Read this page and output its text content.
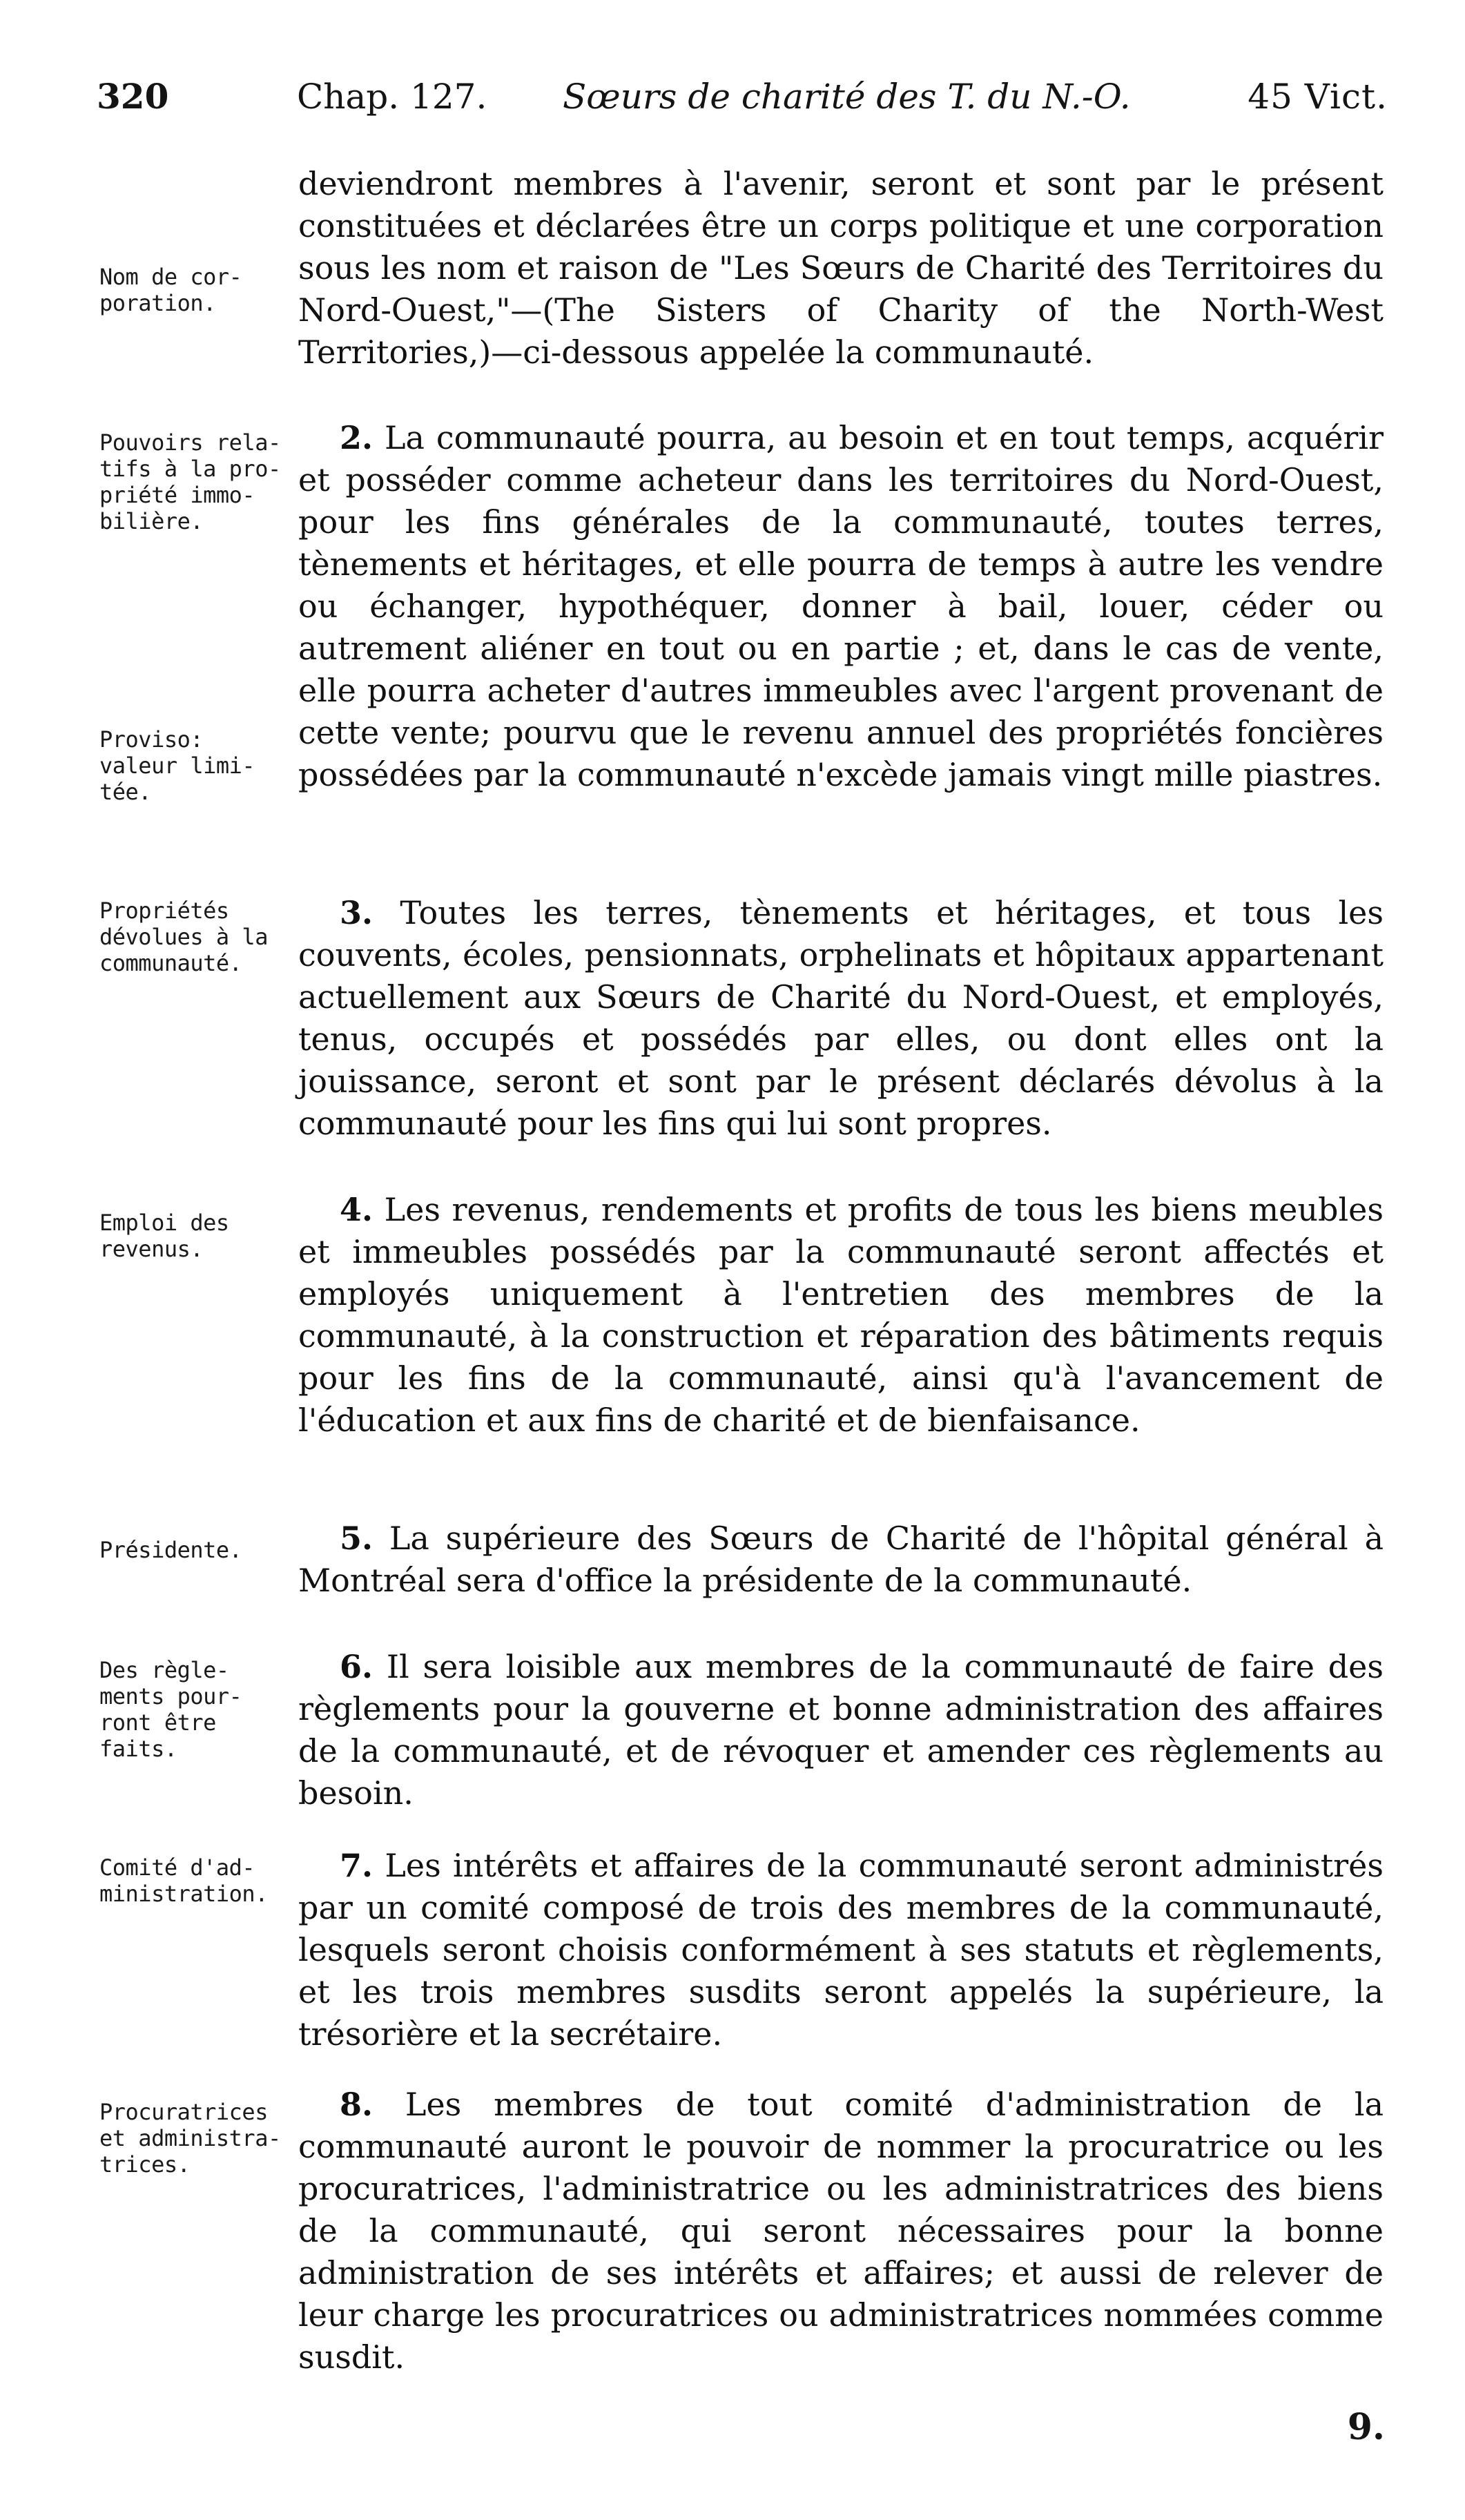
320	Chap. 127. Sœurs de charité des T. du N.-O.	45 Vict.
Nom de cor-
poration.
deviendront membres à l'avenir, seront et sont par le présent constituées et déclarées être un corps politique et une corporation sous les nom et raison de "Les Sœurs de Charité des Territoires du Nord-Ouest,"—(The Sisters of Charity of the North-West Territories,)—ci-dessous appelée la communauté.
Pouvoirs rela-
tifs à la pro-
priété immo-
bilière.
Proviso:
valeur limi-
tée.
2. La communauté pourra, au besoin et en tout temps, acquérir et posséder comme acheteur dans les territoires du Nord-Ouest, pour les fins générales de la communauté, toutes terres, tènements et héritages, et elle pourra de temps à autre les vendre ou échanger, hypothéquer, donner à bail, louer, céder ou autrement aliéner en tout ou en partie ; et, dans le cas de vente, elle pourra acheter d'autres immeubles avec l'argent provenant de cette vente; pourvu que le revenu annuel des propriétés foncières possédées par la communauté n'excède jamais vingt mille piastres.
Propriétés
dévolues à la
communauté.
3. Toutes les terres, tènements et héritages, et tous les couvents, écoles, pensionnats, orphelinats et hôpitaux appartenant actuellement aux Sœurs de Charité du Nord-Ouest, et employés, tenus, occupés et possédés par elles, ou dont elles ont la jouissance, seront et sont par le présent déclarés dévolus à la communauté pour les fins qui lui sont propres.
Emploi des
revenus.
4. Les revenus, rendements et profits de tous les biens meubles et immeubles possédés par la communauté seront affectés et employés uniquement à l'entretien des membres de la communauté, à la construction et réparation des bâtiments requis pour les fins de la communauté, ainsi qu'à l'avancement de l'éducation et aux fins de charité et de bienfaisance.
Présidente.	5. La supérieure des Sœurs de Charité de l'hôpital général à Montréal sera d'office la présidente de la communauté.
Des règle-
ments pour-
ront être
faits.
6. Il sera loisible aux membres de la communauté de faire des règlements pour la gouverne et bonne administration des affaires de la communauté, et de révoquer et amender ces règlements au besoin.
Comité d'ad-
ministration.
7. Les intérêts et affaires de la communauté seront administrés par un comité composé de trois des membres de la communauté, lesquels seront choisis conformément à ses statuts et règlements, et les trois membres susdits seront appelés la supérieure, la trésorière et la secrétaire.
Procuratrices
et administra-
trices.
8. Les membres de tout comité d'administration de la communauté auront le pouvoir de nommer la procuratrice ou les procuratrices, l'administratrice ou les administratrices des biens de la communauté, qui seront nécessaires pour la bonne administration de ses intérêts et affaires; et aussi de relever de leur charge les procuratrices ou administratrices nommées comme susdit.
9.
